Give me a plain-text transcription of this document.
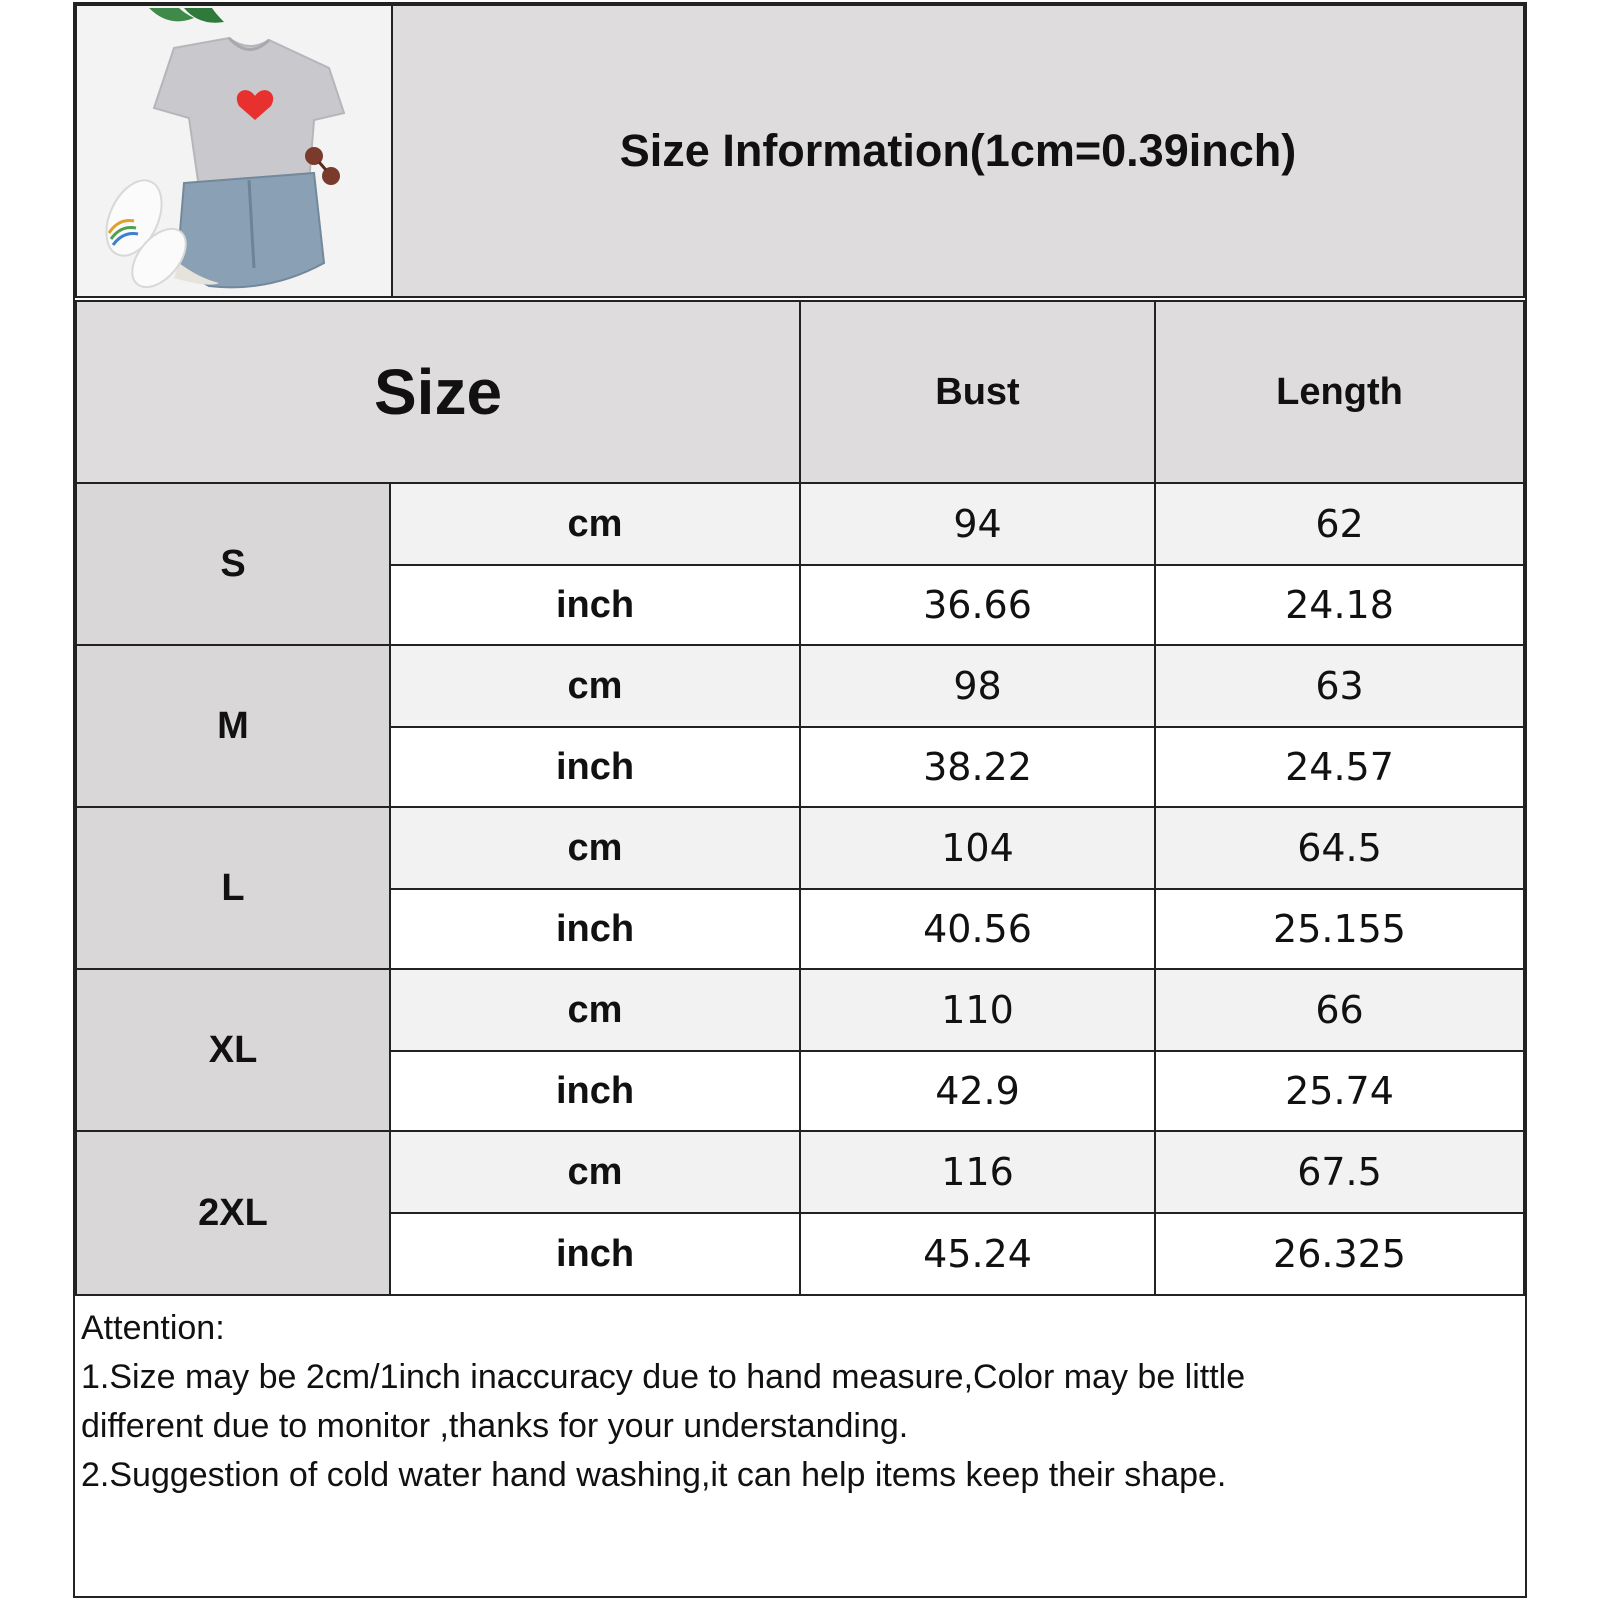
Size Information(1cm=0.39inch)
Size	Bust	Length
S
cm	94	62
inch	36.66	24.18
M
cm	98	63
inch	38.22	24.57
L
cm	104	64.5
inch	40.56	25.155
XL
cm	110	66
inch	42.9	25.74
2XL
cm	116	67.5
inch	45.24	26.325
Attention:
1.Size may be 2cm/1inch inaccuracy due to hand measure,Color may be little
different due to monitor ,thanks for your understanding.
2.Suggestion of cold water hand washing,it can help items keep their shape.
